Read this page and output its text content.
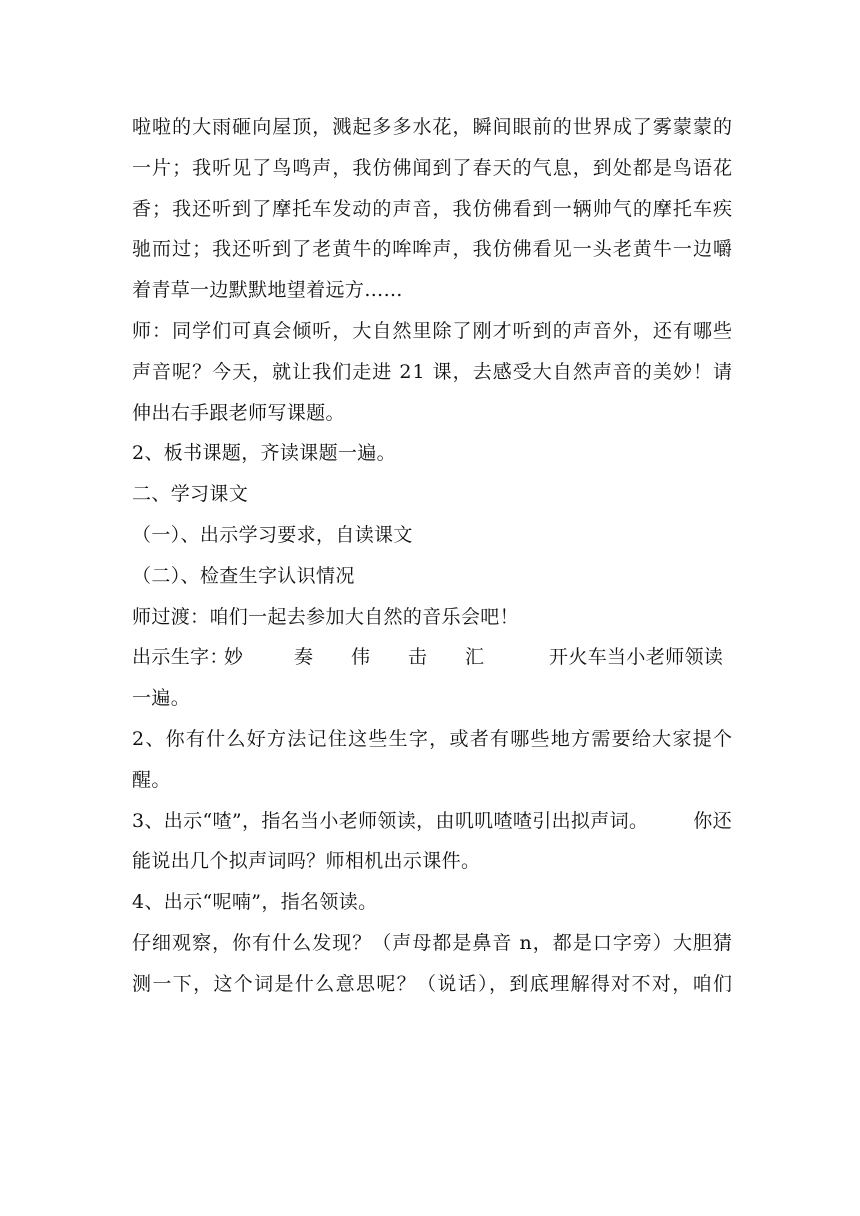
啦啦的大雨砸向屋顶，溅起多多水花，瞬间眼前的世界成了雾蒙蒙的
一片；我听见了鸟鸣声，我仿佛闻到了春天的气息，到处都是鸟语花
香；我还听到了摩托车发动的声音，我仿佛看到一辆帅气的摩托车疾
驰而过；我还听到了老黄牛的哞哞声，我仿佛看见一头老黄牛一边嚼
着青草一边默默地望着远方……
师：同学们可真会倾听，大自然里除了刚才听到的声音外，还有哪些
声音呢？今天，就让我们走进 21 课，去感受大自然声音的美妙！请
伸出右手跟老师写课题。
2、板书课题，齐读课题一遍。
二、学习课文
（一）、出示学习要求，自读课文
（二）、检查生字认识情况
师过渡：咱们一起去参加大自然的音乐会吧！
出示生字：
妙	奏 伟 击 汇	开火车当小老师领读
一遍。
2、你有什么好方法记住这些生字，或者有哪些地方需要给大家提个
醒。
3、出示“喳”，指名当小老师领读，由叽叽喳喳引出拟声词。 你还
能说出几个拟声词吗？师相机出示课件。
4、出示“呢喃”，指名领读。
仔细观察，你有什么发现？（声母都是鼻音 n，都是口字旁）大胆猜
测一下，这个词是什么意思呢？（说话），到底理解得对不对，咱们
